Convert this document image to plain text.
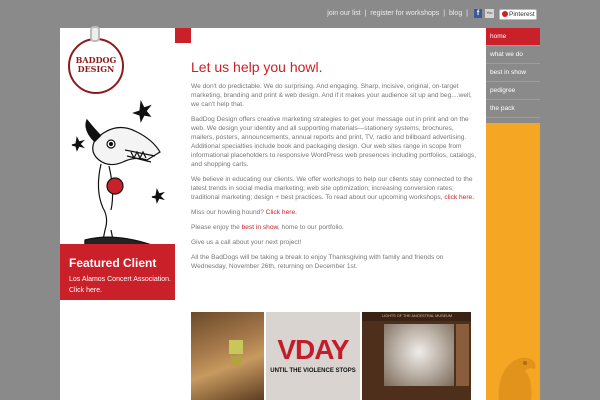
join our list | register for workshops | blog |	f	You	Pinterest
BADDOG
DESIGN
Featured Client
Los Alamos Concert Association. Click here.
Let us help you howl.

We don't do predictable. We do surprising. And engaging. Sharp, incisive, original, on-target marketing, branding and print & web design. And if it makes your audience sit up and beg....well, we can't help that.

BadDog Design offers creative marketing strategies to get your message out in print and on the web. We design your identity and all supporting materials—stationery systems, brochures, mailers, posters, announcements, annual reports and print, TV, radio and billboard advertising. Additional specialties include book and packaging design. Our web sites range in scope from informational placeholders to responsive WordPress web presences including portfolios, catalogs, and shopping carts.

We believe in educating our clients. We offer workshops to help our clients stay connected to the latest trends in social media marketing; web site optimization; increasing conversion rates; traditional marketing; design + best practices. To read about our upcoming workshops, click here.

Miss our howling hound? Click here.

Please enjoy the best in show, home to our portfolio.

Give us a call about your next project!

All the BadDogs will be taking a break to enjoy Thanksgiving with family and friends on Wednesday, November 26th, returning on December 1st.

VDAY
UNTIL THE VIOLENCE STOPS
LIGHTS OF THE ANCESTRAL MUSEUM
home
what we do
best in show
pedigree
the pack
